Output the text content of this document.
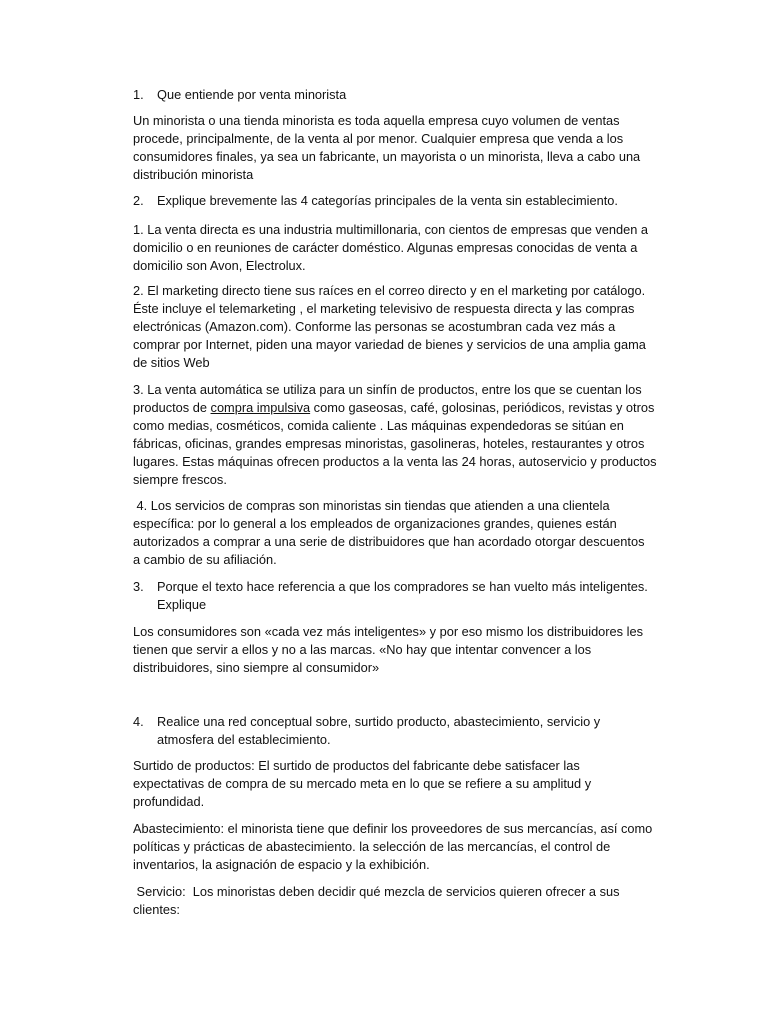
1. Que entiende por venta minorista
Un minorista o una tienda minorista es toda aquella empresa cuyo volumen de ventas
procede, principalmente, de la venta al por menor. Cualquier empresa que venda a los
consumidores finales, ya sea un fabricante, un mayorista o un minorista, lleva a cabo una
distribución minorista
2. Explique brevemente las 4 categorías principales de la venta sin establecimiento.
1. La venta directa es una industria multimillonaria, con cientos de empresas que venden a
domicilio o en reuniones de carácter doméstico. Algunas empresas conocidas de venta a
domicilio son Avon, Electrolux.
2. El marketing directo tiene sus raíces en el correo directo y en el marketing por catálogo.
Éste incluye el telemarketing , el marketing televisivo de respuesta directa y las compras
electrónicas (Amazon.com). Conforme las personas se acostumbran cada vez más a
comprar por Internet, piden una mayor variedad de bienes y servicios de una amplia gama
de sitios Web
3. La venta automática se utiliza para un sinfín de productos, entre los que se cuentan los
productos de compra impulsiva como gaseosas, café, golosinas, periódicos, revistas y otros
como medias, cosméticos, comida caliente . Las máquinas expendedoras se sitúan en
fábricas, oficinas, grandes empresas minoristas, gasolineras, hoteles, restaurantes y otros
lugares. Estas máquinas ofrecen productos a la venta las 24 horas, autoservicio y productos
siempre frescos.
4. Los servicios de compras son minoristas sin tiendas que atienden a una clientela
específica: por lo general a los empleados de organizaciones grandes, quienes están
autorizados a comprar a una serie de distribuidores que han acordado otorgar descuentos
a cambio de su afiliación.
3. Porque el texto hace referencia a que los compradores se han vuelto más inteligentes.
Explique
Los consumidores son «cada vez más inteligentes» y por eso mismo los distribuidores les
tienen que servir a ellos y no a las marcas. «No hay que intentar convencer a los
distribuidores, sino siempre al consumidor»
4. Realice una red conceptual sobre, surtido producto, abastecimiento, servicio y
atmosfera del establecimiento.
Surtido de productos: El surtido de productos del fabricante debe satisfacer las
expectativas de compra de su mercado meta en lo que se refiere a su amplitud y
profundidad.
Abastecimiento: el minorista tiene que definir los proveedores de sus mercancías, así como
políticas y prácticas de abastecimiento. la selección de las mercancías, el control de
inventarios, la asignación de espacio y la exhibición.
Servicio:  Los minoristas deben decidir qué mezcla de servicios quieren ofrecer a sus
clientes:
